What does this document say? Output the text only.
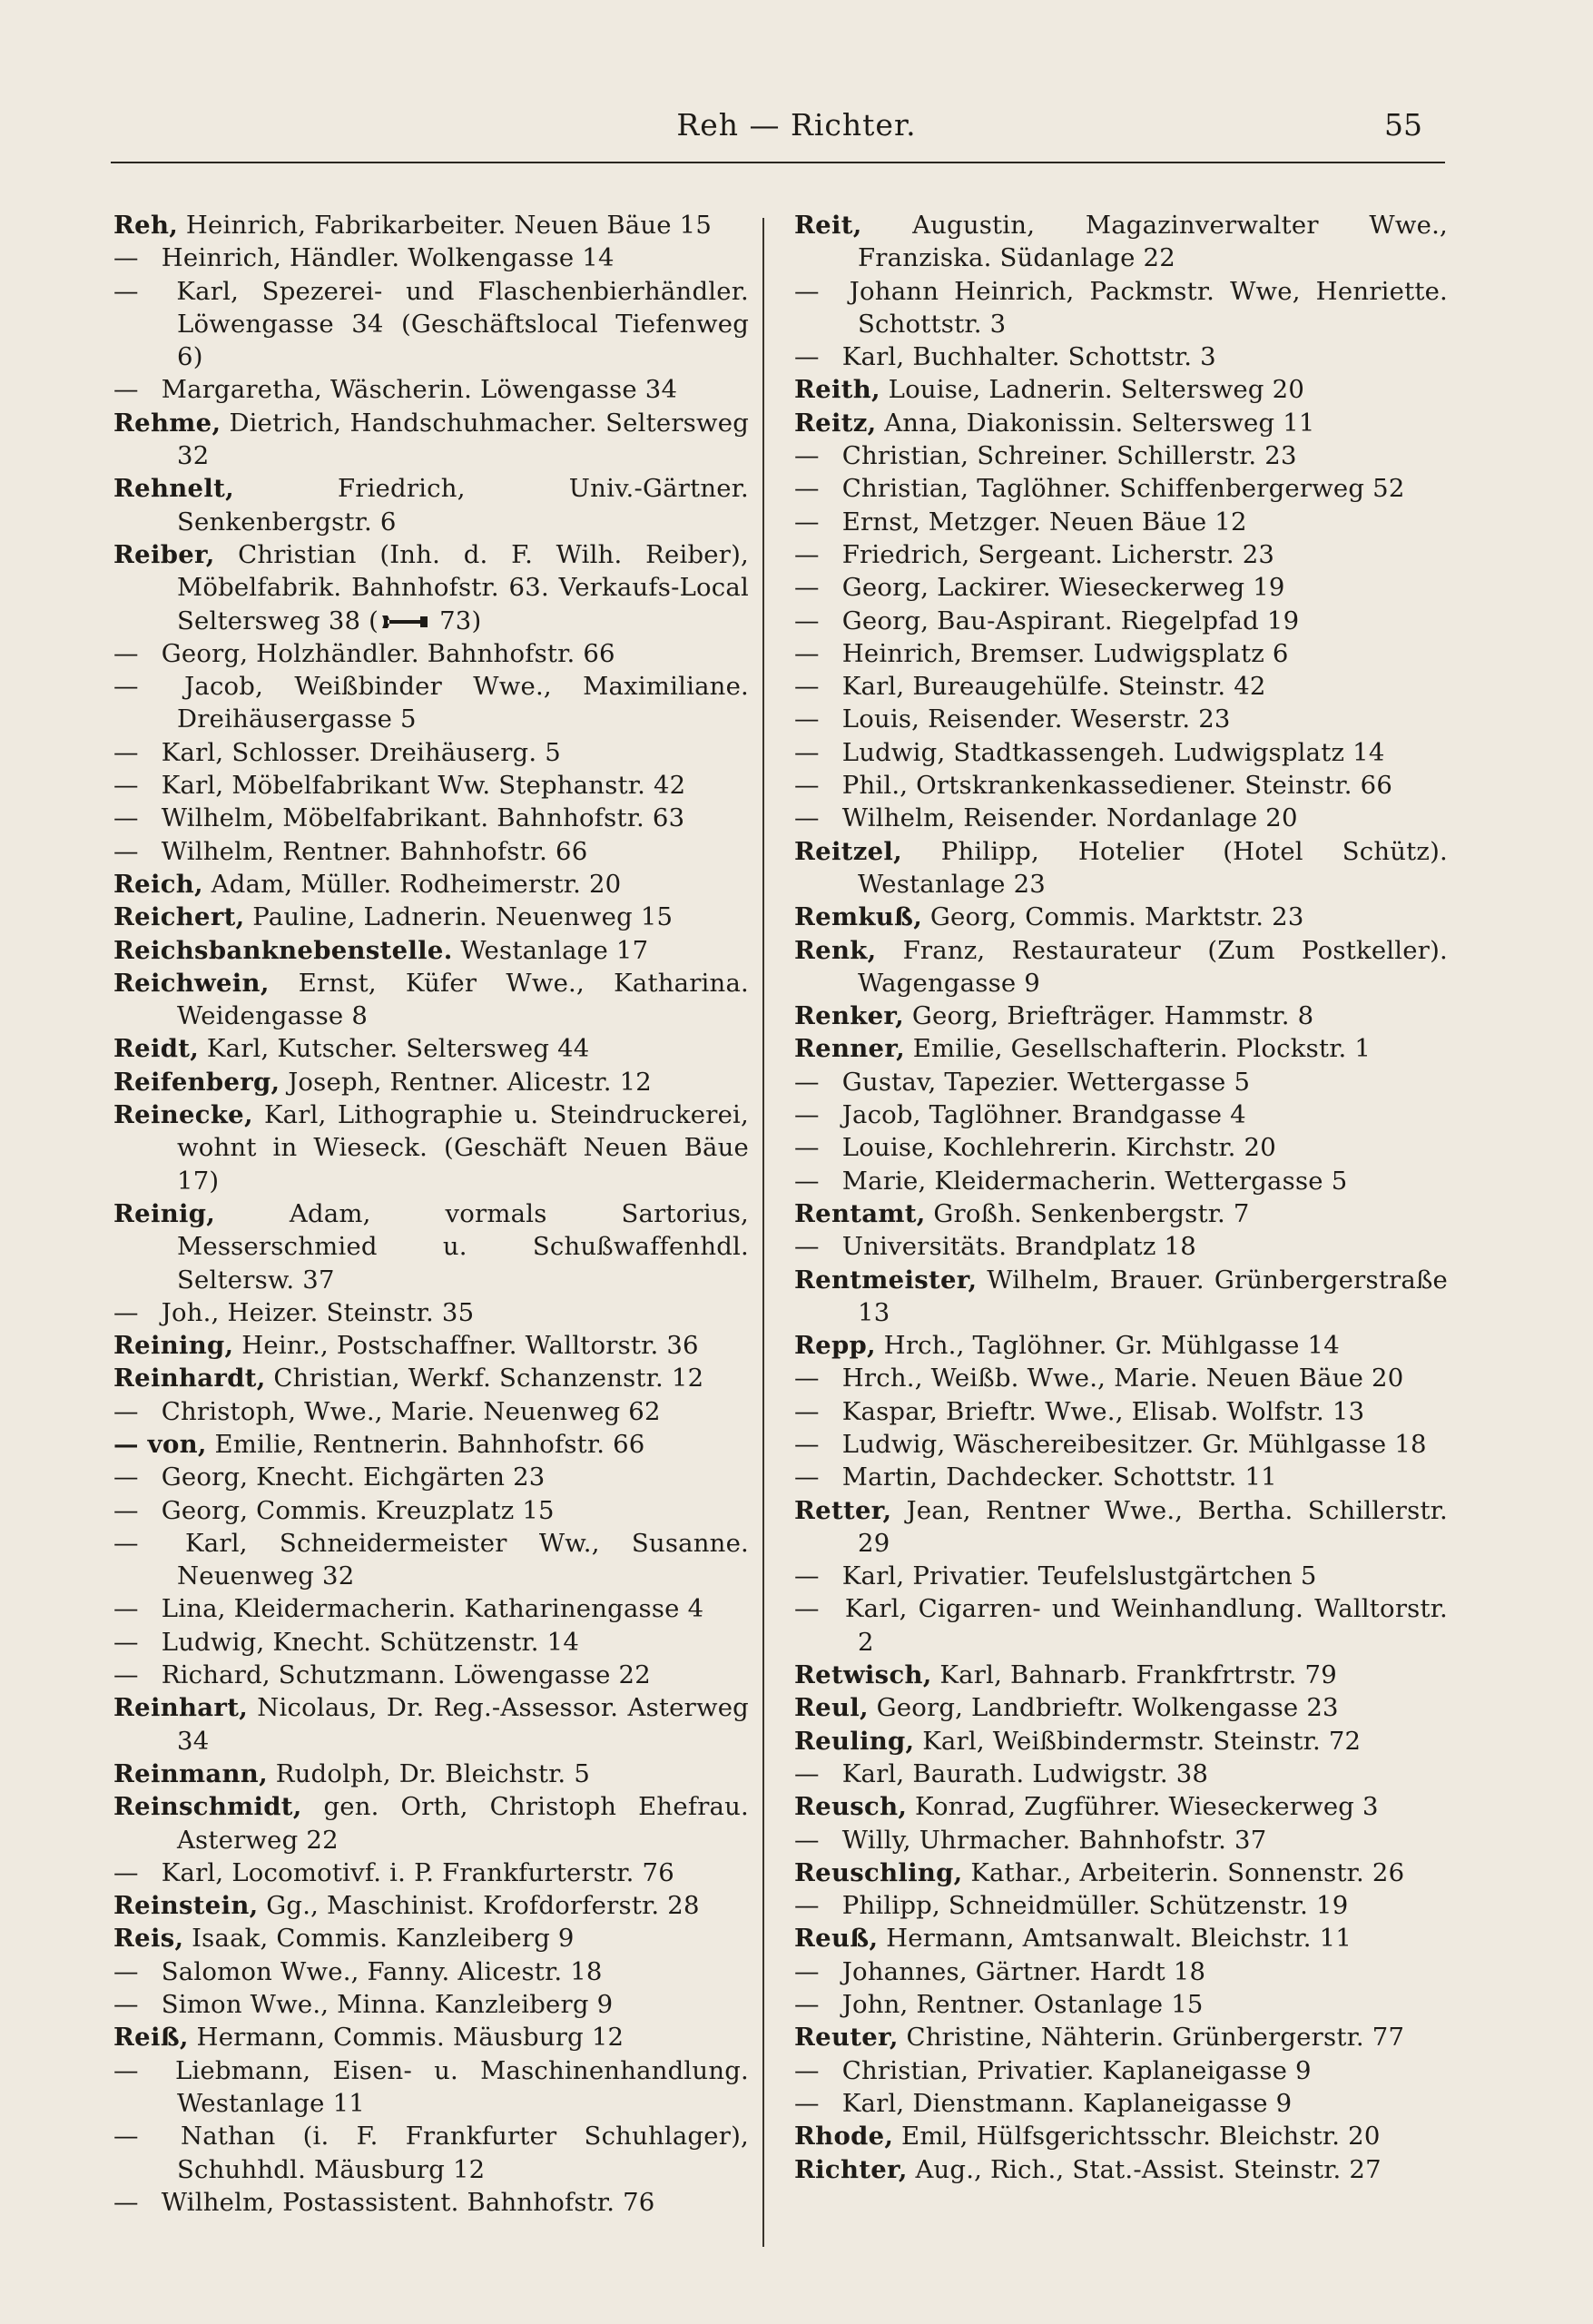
Reh — Richter.	55
Reh, Heinrich, Fabrikarbeiter. Neuen Bäue 15
— Heinrich, Händler. Wolkengasse 14
— Karl, Spezerei- und Flaschenbierhändler. Löwengasse 34 (Geschäftslocal Tiefenweg 6)
— Margaretha, Wäscherin. Löwengasse 34
Rehme, Dietrich, Handschuhmacher. Seltersweg 32
Rehnelt,	Friedrich, Univ.-Gärtner. Senkenbergstr. 6
Reiber, Christian (Inh. d. F. Wilh. Reiber), Möbelfabrik. Bahnhofstr. 63. Verkaufs-Local Seltersweg 38 ( 73)
— Georg, Holzhändler. Bahnhofstr. 66
— Jacob, Weißbinder Wwe., Maximiliane. Dreihäusergasse 5
— Karl, Schlosser. Dreihäuserg. 5
— Karl, Möbelfabrikant Ww. Stephanstr. 42
— Wilhelm, Möbelfabrikant. Bahnhofstr. 63
— Wilhelm, Rentner. Bahnhofstr. 66
Reich, Adam, Müller. Rodheimerstr. 20
Reichert, Pauline, Ladnerin. Neuenweg 15
Reichsbanknebenstelle. Westanlage 17
Reichwein, Ernst, Küfer Wwe., Katharina. Weidengasse 8
Reidt, Karl, Kutscher. Seltersweg 44
Reifenberg, Joseph, Rentner. Alicestr. 12
Reinecke, Karl, Lithographie u. Steindruckerei, wohnt in Wieseck. (Geschäft Neuen Bäue 17)
Reinig,	Adam, vormals Sartorius, Messerschmied u. Schußwaffenhdl. Seltersw. 37
— Joh., Heizer. Steinstr. 35
Reining, Heinr., Postschaffner. Walltorstr. 36
Reinhardt, Christian, Werkf. Schanzenstr. 12
— Christoph, Wwe., Marie. Neuenweg 62
— von, Emilie, Rentnerin. Bahnhofstr. 66
— Georg, Knecht. Eichgärten 23
— Georg, Commis. Kreuzplatz 15
— Karl, Schneidermeister Ww., Susanne. Neuenweg 32
— Lina, Kleidermacherin. Katharinengasse 4
— Ludwig, Knecht. Schützenstr. 14
— Richard, Schutzmann. Löwengasse 22
Reinhart, Nicolaus, Dr. Reg.-Assessor. Asterweg 34
Reinmann, Rudolph, Dr. Bleichstr. 5
Reinschmidt, gen. Orth, Christoph Ehefrau. Asterweg 22
— Karl, Locomotivf. i. P. Frankfurterstr. 76
Reinstein, Gg., Maschinist. Krofdorferstr. 28
Reis, Isaak, Commis. Kanzleiberg 9
— Salomon Wwe., Fanny. Alicestr. 18
— Simon Wwe., Minna. Kanzleiberg 9
Reiß, Hermann, Commis. Mäusburg 12
— Liebmann, Eisen- u. Maschinenhandlung. Westanlage 11
— Nathan (i. F. Frankfurter Schuhlager), Schuhhdl. Mäusburg 12
— Wilhelm, Postassistent. Bahnhofstr. 76
Reit, Augustin, Magazinverwalter Wwe., Franziska. Südanlage 22
— Johann Heinrich, Packmstr. Wwe, Henriette. Schottstr. 3
— Karl, Buchhalter. Schottstr. 3
Reith, Louise, Ladnerin. Seltersweg 20
Reitz, Anna, Diakonissin. Seltersweg 11
— Christian, Schreiner. Schillerstr. 23
— Christian, Taglöhner. Schiffenbergerweg 52
— Ernst, Metzger. Neuen Bäue 12
— Friedrich, Sergeant. Licherstr. 23
— Georg, Lackirer. Wieseckerweg 19
— Georg, Bau-Aspirant. Riegelpfad 19
— Heinrich, Bremser. Ludwigsplatz 6
— Karl, Bureaugehülfe. Steinstr. 42
— Louis, Reisender. Weserstr. 23
— Ludwig, Stadtkassengeh. Ludwigsplatz 14
— Phil., Ortskrankenkassediener. Steinstr. 66
— Wilhelm, Reisender. Nordanlage 20
Reitzel, Philipp, Hotelier (Hotel Schütz). Westanlage 23
Remkuß, Georg, Commis. Marktstr. 23
Renk, Franz, Restaurateur (Zum Postkeller). Wagengasse 9
Renker, Georg, Briefträger. Hammstr. 8
Renner, Emilie, Gesellschafterin. Plockstr. 1
— Gustav, Tapezier. Wettergasse 5
— Jacob, Taglöhner. Brandgasse 4
— Louise, Kochlehrerin. Kirchstr. 20
— Marie, Kleidermacherin. Wettergasse 5
Rentamt, Großh. Senkenbergstr. 7
— Universitäts. Brandplatz 18
Rentmeister, Wilhelm, Brauer. Grünbergerstraße 13
Repp, Hrch., Taglöhner. Gr. Mühlgasse 14
— Hrch., Weißb. Wwe., Marie. Neuen Bäue 20
— Kaspar, Brieftr. Wwe., Elisab. Wolfstr. 13
— Ludwig, Wäschereibesitzer. Gr. Mühlgasse 18
— Martin, Dachdecker. Schottstr. 11
Retter, Jean, Rentner Wwe., Bertha. Schillerstr. 29
— Karl, Privatier. Teufelslustgärtchen 5
— Karl, Cigarren- und Weinhandlung. Walltorstr. 2
Retwisch, Karl, Bahnarb. Frankfrtrstr. 79
Reul, Georg, Landbrieftr. Wolkengasse 23
Reuling, Karl, Weißbindermstr. Steinstr. 72
— Karl, Baurath. Ludwigstr. 38
Reusch, Konrad, Zugführer. Wieseckerweg 3
— Willy, Uhrmacher. Bahnhofstr. 37
Reuschling, Kathar., Arbeiterin. Sonnenstr. 26
— Philipp, Schneidmüller. Schützenstr. 19
Reuß, Hermann, Amtsanwalt. Bleichstr. 11
— Johannes, Gärtner. Hardt 18
— John, Rentner. Ostanlage 15
Reuter, Christine, Nähterin. Grünbergerstr. 77
— Christian, Privatier. Kaplaneigasse 9
— Karl, Dienstmann. Kaplaneigasse 9
Rhode, Emil, Hülfsgerichtsschr. Bleichstr. 20
Richter, Aug., Rich., Stat.-Assist. Steinstr. 27
